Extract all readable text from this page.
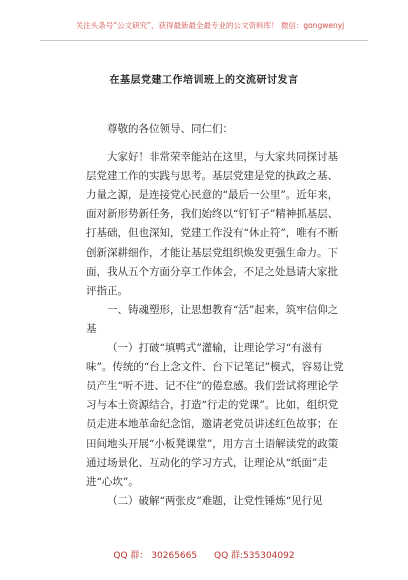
关注头条号“公文研究”，获得最新最全最专业的公文资料库！ 微信：gongwenyj
在基层党建工作培训班上的交流研讨发言

尊敬的各位领导、同仁们：

大家好！非常荣幸能站在这里，与大家共同探讨基层党建工作的实践与思考。基层党建是党的执政之基、力量之源，是连接党心民意的“最后一公里”。近年来，面对新形势新任务，我们始终以“钉钉子”精神抓基层、打基础，但也深知，党建工作没有“休止符”，唯有不断创新深耕细作，才能让基层党组织焕发更强生命力。下面，我从五个方面分享工作体会，不足之处恳请大家批评指正。

一、铸魂塑形，让思想教育“活”起来，筑牢信仰之基

（一）打破“填鸭式”灌输，让理论学习“有滋有味”。传统的“台上念文件、台下记笔记”模式，容易让党员产生“听不进、记不住”的倦怠感。我们尝试将理论学习与本土资源结合，打造“行走的党课”。比如，组织党员走进本地革命纪念馆，邀请老党员讲述红色故事；在田间地头开展“小板凳课堂”，用方言土语解读党的政策通过场景化、互动化的学习方式，让理论从“纸面”走进“心坎”。

（二）破解“两张皮”难题，让党性锤炼“见行见

QQ 群： 30265665 QQ 群:535304092
